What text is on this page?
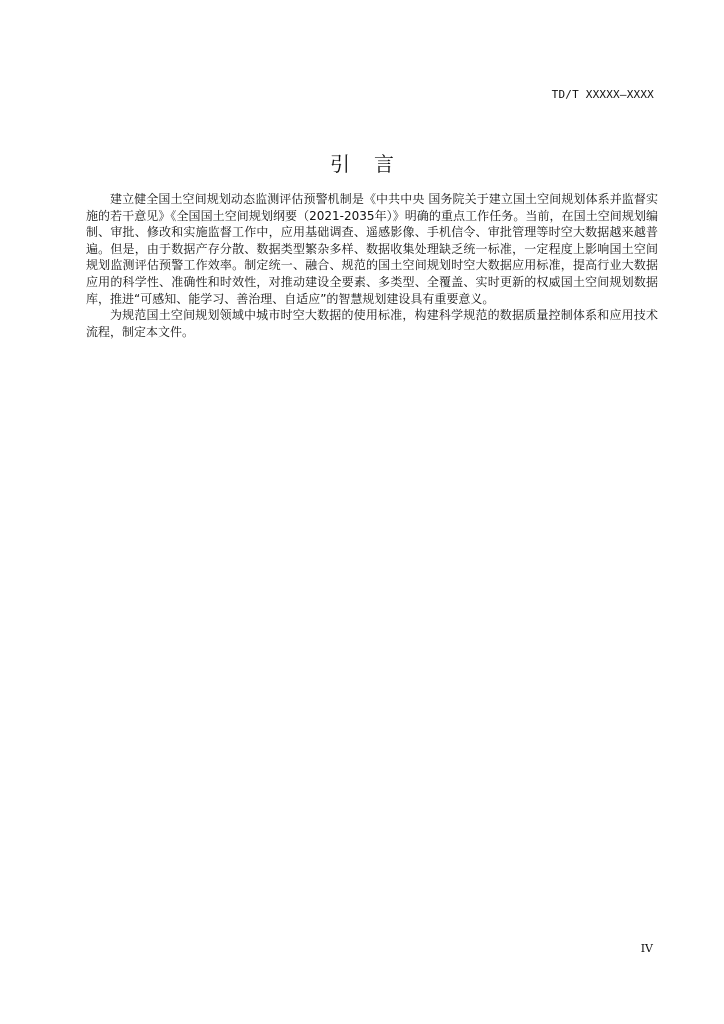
TD/T XXXXX—XXXX
引言

建立健全国土空间规划动态监测评估预警机制是《中共中央 国务院关于建立国土空间规划体系并监督实施的若干意见》《全国国土空间规划纲要（2021-2035年）》明确的重点工作任务。当前，在国土空间规划编制、审批、修改和实施监督工作中，应用基础调查、遥感影像、手机信令、审批管理等时空大数据越来越普遍。但是，由于数据产存分散、数据类型繁杂多样、数据收集处理缺乏统一标准，一定程度上影响国土空间规划监测评估预警工作效率。制定统一、融合、规范的国土空间规划时空大数据应用标准，提高行业大数据应用的科学性、准确性和时效性，对推动建设全要素、多类型、全覆盖、实时更新的权威国土空间规划数据库，推进“可感知、能学习、善治理、自适应”的智慧规划建设具有重要意义。

为规范国土空间规划领域中城市时空大数据的使用标准，构建科学规范的数据质量控制体系和应用技术流程，制定本文件。

IV
